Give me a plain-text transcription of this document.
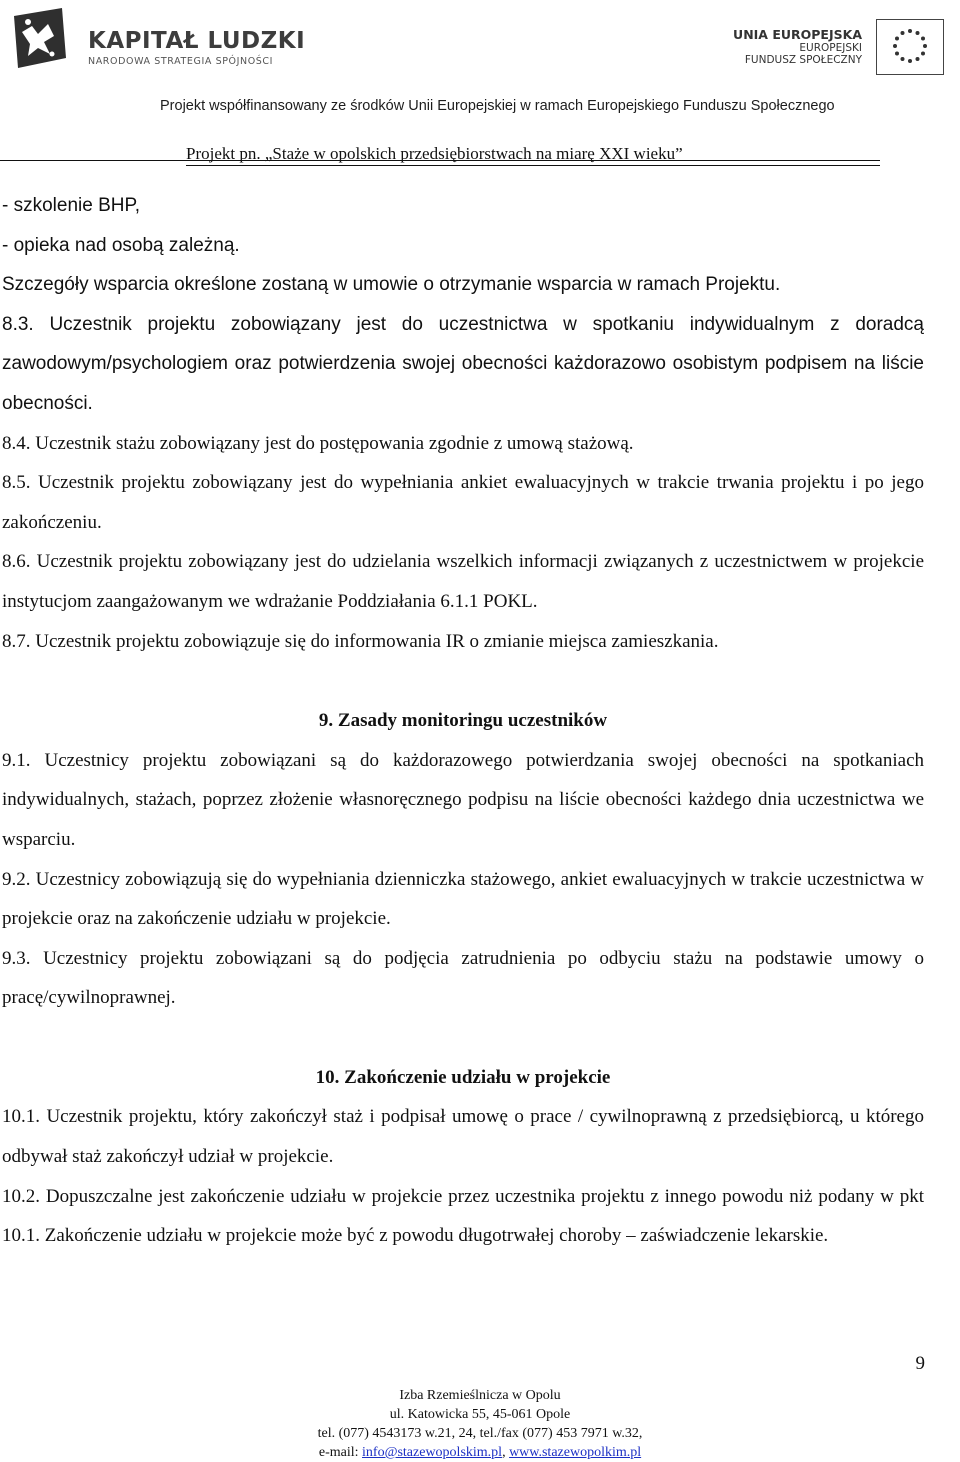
KAPITAŁ LUDZKI
NARODOWA STRATEGIA SPÓJNOŚCI
UNIA EUROPEJSKA
EUROPEJSKI
FUNDUSZ SPOŁECZNY
Projekt współfinansowany ze środków Unii Europejskiej w ramach Europejskiego Funduszu Społecznego
Projekt pn. „Staże w opolskich przedsiębiorstwach na miarę XXI wieku”

- szkolenie BHP,

- opieka nad osobą zależną.

Szczegóły wsparcia określone zostaną w umowie o otrzymanie wsparcia w ramach Projektu.

8.3. Uczestnik projektu zobowiązany jest do uczestnictwa w spotkaniu indywidualnym z doradcą zawodowym/psychologiem oraz potwierdzenia swojej obecności każdorazowo osobistym podpisem na liście obecności.

8.4. Uczestnik stażu zobowiązany jest do postępowania zgodnie z umową stażową.

8.5. Uczestnik projektu zobowiązany jest do wypełniania ankiet ewaluacyjnych w trakcie trwania projektu i po jego zakończeniu.

8.6. Uczestnik projektu zobowiązany jest do udzielania wszelkich informacji związanych z uczestnictwem w projekcie instytucjom zaangażowanym we wdrażanie Poddziałania 6.1.1 POKL.

8.7. Uczestnik projektu zobowiązuje się do informowania IR o zmianie miejsca zamieszkania.

9. Zasady monitoringu uczestników

9.1. Uczestnicy projektu zobowiązani są do każdorazowego potwierdzania swojej obecności na spotkaniach indywidualnych, stażach, poprzez złożenie własnoręcznego podpisu na liście obecności każdego dnia uczestnictwa we wsparciu.

9.2. Uczestnicy zobowiązują się do wypełniania dzienniczka stażowego, ankiet ewaluacyjnych w trakcie uczestnictwa w projekcie oraz na zakończenie udziału w projekcie.

9.3. Uczestnicy projektu zobowiązani są do podjęcia zatrudnienia po odbyciu stażu na podstawie umowy o pracę/cywilnoprawnej.

10. Zakończenie udziału w projekcie

10.1. Uczestnik projektu, który zakończył staż i podpisał umowę o prace / cywilnoprawną z przedsiębiorcą, u którego odbywał staż zakończył udział w projekcie.

10.2. Dopuszczalne jest zakończenie udziału w projekcie przez uczestnika projektu z innego powodu niż podany w pkt 10.1. Zakończenie udziału w projekcie może być z powodu długotrwałej choroby – zaświadczenie lekarskie.

9
Izba Rzemieślnicza w Opolu
ul. Katowicka 55, 45-061 Opole
tel. (077) 4543173 w.21, 24, tel./fax (077) 453 7971 w.32,
e-mail: info@stazewopolskim.pl, www.stazewopolkim.pl
